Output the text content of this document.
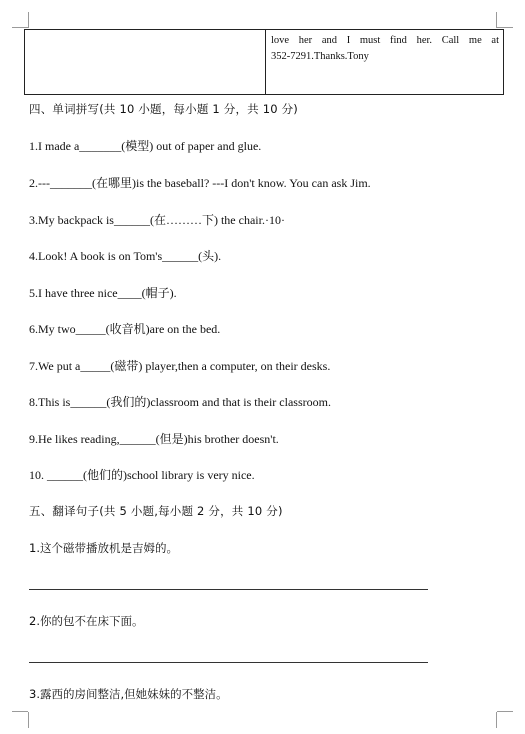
love her and I must find her. Call me at
352-7291.Thanks.Tony
四、单词拼写(共 10 小题，每小题 1 分，共 10 分)
1.I made a_______(模型) out of paper and glue.
2.---_______(在哪里)is the baseball? ---I don't know. You can ask Jim.
3.My backpack is______(在………下) the chair.·10·
4.Look! A book is on Tom's______(头).
5.I have three nice____(帽子).
6.My two_____(收音机)are on the bed.
7.We put a_____(磁带) player,then a computer, on their desks.
8.This is______(我们的)classroom and that is their classroom.
9.He likes reading,______(但是)his brother doesn't.
10. ______(他们的)school library is very nice.
五、翻译句子(共 5 小题,每小题 2 分，共 10 分)
1.这个磁带播放机是吉姆的。
2.你的包不在床下面。
3.露西的房间整洁,但她妹妹的不整洁。
